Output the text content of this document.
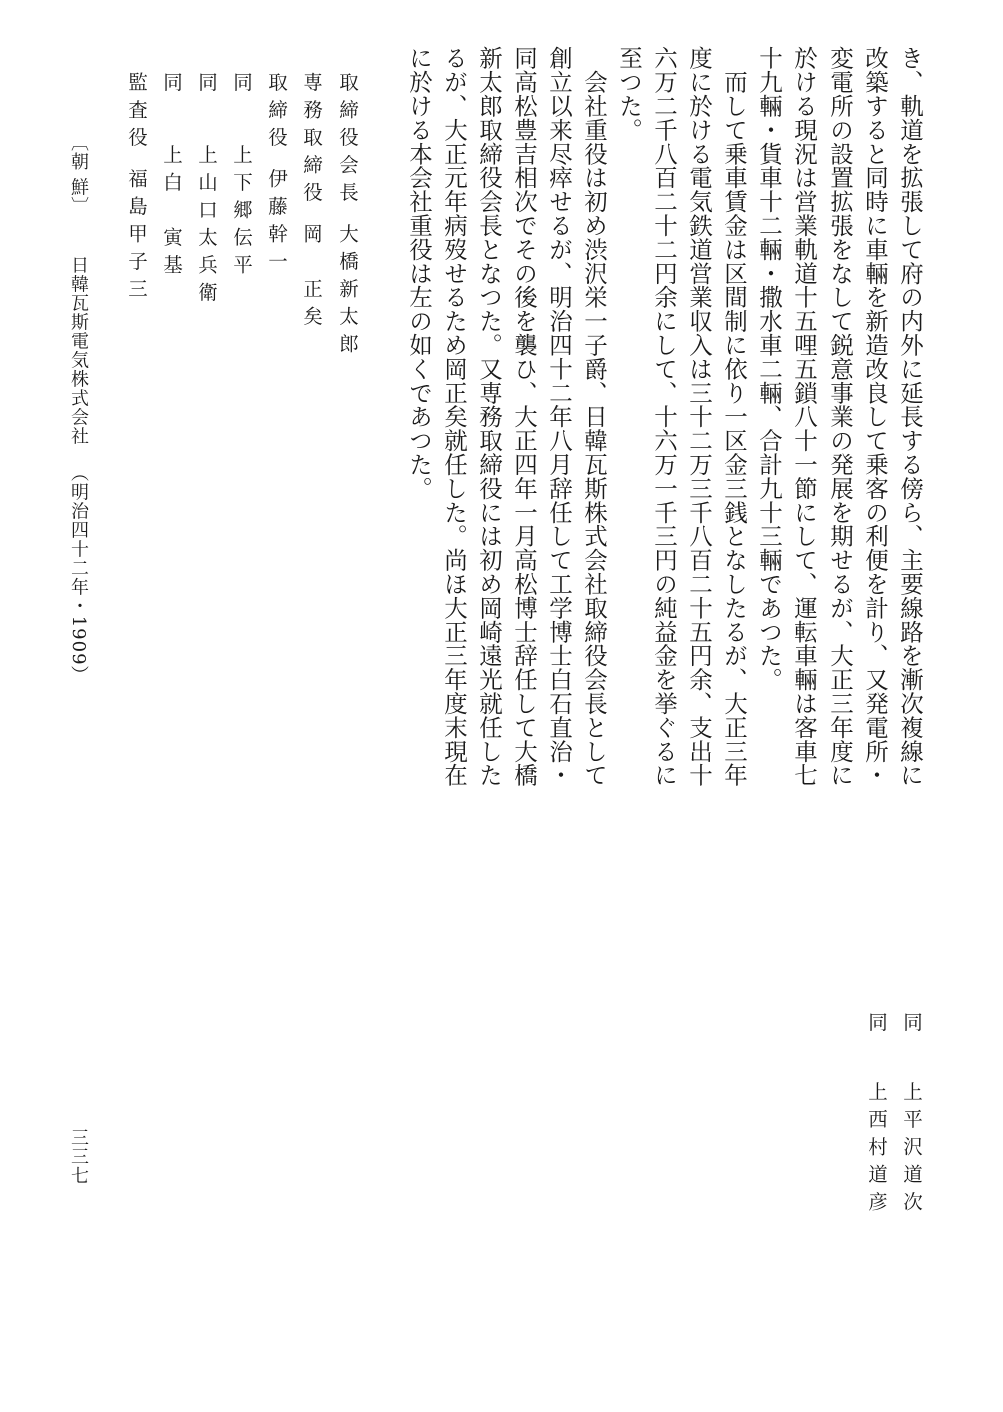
き、軌道を拡張して府の内外に延長する傍ら、主要線路を漸次複線に
改築すると同時に車輛を新造改良して乗客の利便を計り、又発電所・
変電所の設置拡張をなして鋭意事業の発展を期せるが、大正三年度に
於ける現況は営業軌道十五哩五鎖八十一節にして、運転車輛は客車七
十九輛・貨車十二輛・撒水車二輛、合計九十三輛であつた。
　而して乗車賃金は区間制に依り一区金三銭となしたるが、大正三年
度に於ける電気鉄道営業収入は三十二万三千八百二十五円余、支出十
六万二千八百二十二円余にして、十六万一千三円の純益金を挙ぐるに
至つた。
　会社重役は初め渋沢栄一子爵、日韓瓦斯株式会社取締役会長として
創立以来尽瘁せるが、明治四十二年八月辞任して工学博士白石直治・
同高松豊吉相次でその後を襲ひ、大正四年一月高松博士辞任して大橋
新太郎取締役会長となつた。又専務取締役には初め岡崎遠光就任した
るが、大正元年病歿せるため岡正矣就任した。尚ほ大正三年度末現在
に於ける本会社重役は左の如くであつた。
取締役会長大橋新太郎
専務取締役岡　正矣
取締役伊藤幹一
同上下郷伝平
同上山口太兵衛
同上白　寅基
監査役福島甲子三
同上平沢道次
同上西村道彦
〔朝 鮮〕日韓瓦斯電気株式会社（明治四十二年・1909）
三三七
